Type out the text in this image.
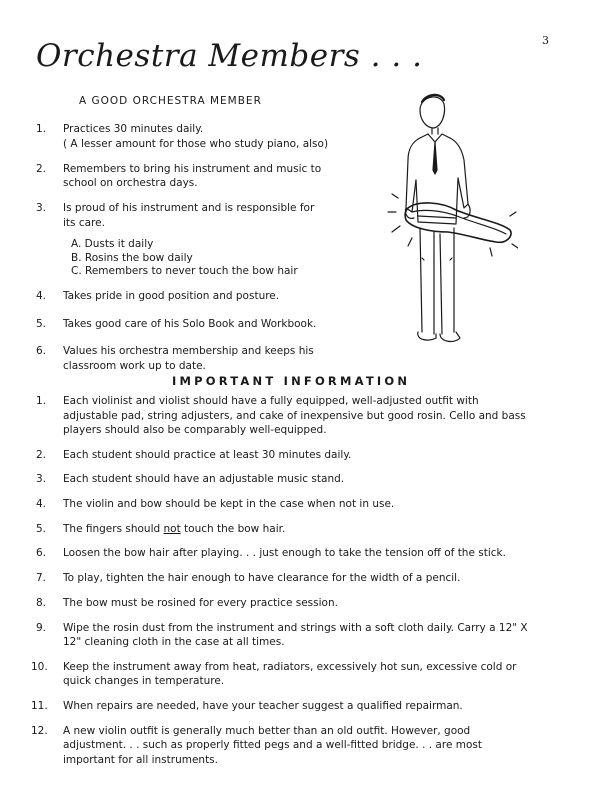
3
Orchestra Members . . .
A GOOD ORCHESTRA MEMBER
1. Practices 30 minutes daily.
( A lesser amount for those who study piano, also)
2. Remembers to bring his instrument and music to
school on orchestra days.
3. Is proud of his instrument and is responsible for
its care.
A. Dusts it daily
B. Rosins the bow daily
C. Remembers to never touch the bow hair
4. Takes pride in good position and posture.
5. Takes good care of his Solo Book and Workbook.
6. Values his orchestra membership and keeps his
classroom work up to date.
IMPORTANT INFORMATION
1. Each violinist and violist should have a fully equipped, well-adjusted outfit with adjustable pad, string adjusters, and cake of inexpensive but good rosin. Cello and bass players should also be comparably well-equipped.
2. Each student should practice at least 30 minutes daily.
3. Each student should have an adjustable music stand.
4. The violin and bow should be kept in the case when not in use.
5. The fingers should not touch the bow hair.
6. Loosen the bow hair after playing. . . just enough to take the tension off of the stick.
7. To play, tighten the hair enough to have clearance for the width of a pencil.
8. The bow must be rosined for every practice session.
9. Wipe the rosin dust from the instrument and strings with a soft cloth daily. Carry a 12" X 12" cleaning cloth in the case at all times.
10. Keep the instrument away from heat, radiators, excessively hot sun, excessive cold or quick changes in temperature.
11. When repairs are needed, have your teacher suggest a qualified repairman.
12. A new violin outfit is generally much better than an old outfit. However, good adjustment. . . such as properly fitted pegs and a well-fitted bridge. . . are most important for all instruments.
